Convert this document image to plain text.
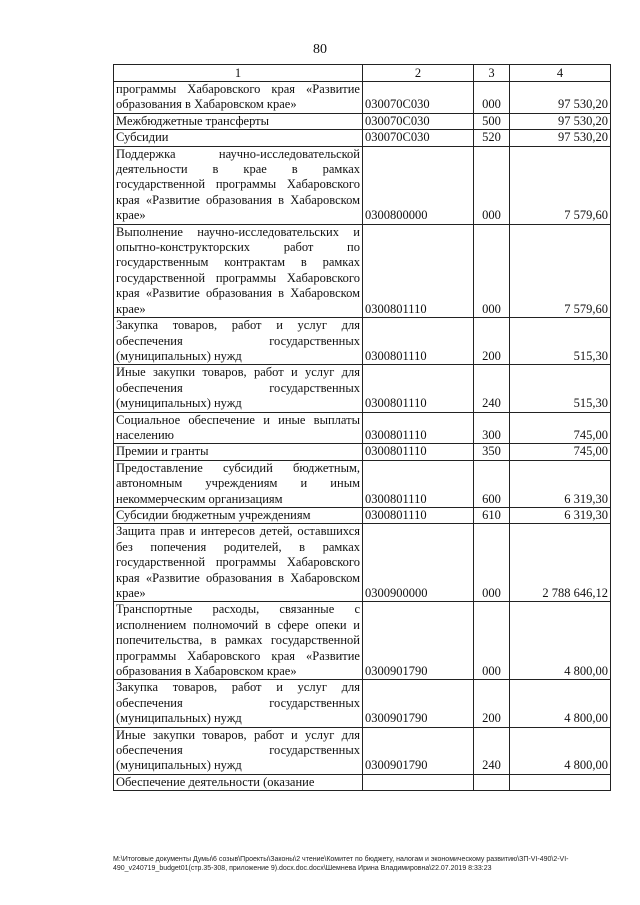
80
1	2	3	4
программы Хабаровского края «Развитие образования в Хабаровском крае»	030070С030	000	97 530,20
Межбюджетные трансферты	030070С030	500	97 530,20
Субсидии	030070С030	520	97 530,20
Поддержка научно-исследовательской деятельности в крае в рамках государственной программы Хабаровского края «Развитие образования в Хабаровском крае»	0300800000	000	7 579,60
Выполнение научно-исследовательских и опытно-конструкторских работ по государственным контрактам в рамках государственной программы Хабаровского края «Развитие образования в Хабаровском крае»	0300801110	000	7 579,60
Закупка товаров, работ и услуг для обеспечения государственных (муниципальных) нужд	0300801110	200	515,30
Иные закупки товаров, работ и услуг для обеспечения государственных (муниципальных) нужд	0300801110	240	515,30
Социальное обеспечение и иные выплаты населению	0300801110	300	745,00
Премии и гранты	0300801110	350	745,00
Предоставление субсидий бюджетным, автономным учреждениям и иным некоммерческим организациям	0300801110	600	6 319,30
Субсидии бюджетным учреждениям	0300801110	610	6 319,30
Защита прав и интересов детей, оставшихся без попечения родителей, в рамках государственной программы Хабаровского края «Развитие образования в Хабаровском крае»	0300900000	000	2 788 646,12
Транспортные расходы, связанные с исполнением полномочий в сфере опеки и попечительства, в рамках государственной программы Хабаровского края «Развитие образования в Хабаровском крае»	0300901790	000	4 800,00
Закупка товаров, работ и услуг для обеспечения государственных (муниципальных) нужд	0300901790	200	4 800,00
Иные закупки товаров, работ и услуг для обеспечения государственных (муниципальных) нужд	0300901790	240	4 800,00
Обеспечение деятельности (оказание			
M:\Итоговые документы Думы\6 созыв\Проекты\Законы\2 чтение\Комитет по бюджету, налогам и экономическому развитию\ЗП-VI-490\2-VI-490_v240719_budget01(стр.35-308, приложение 9).docx.doc.docx\Шемнева Ирина Владимировна\22.07.2019 8:33:23
